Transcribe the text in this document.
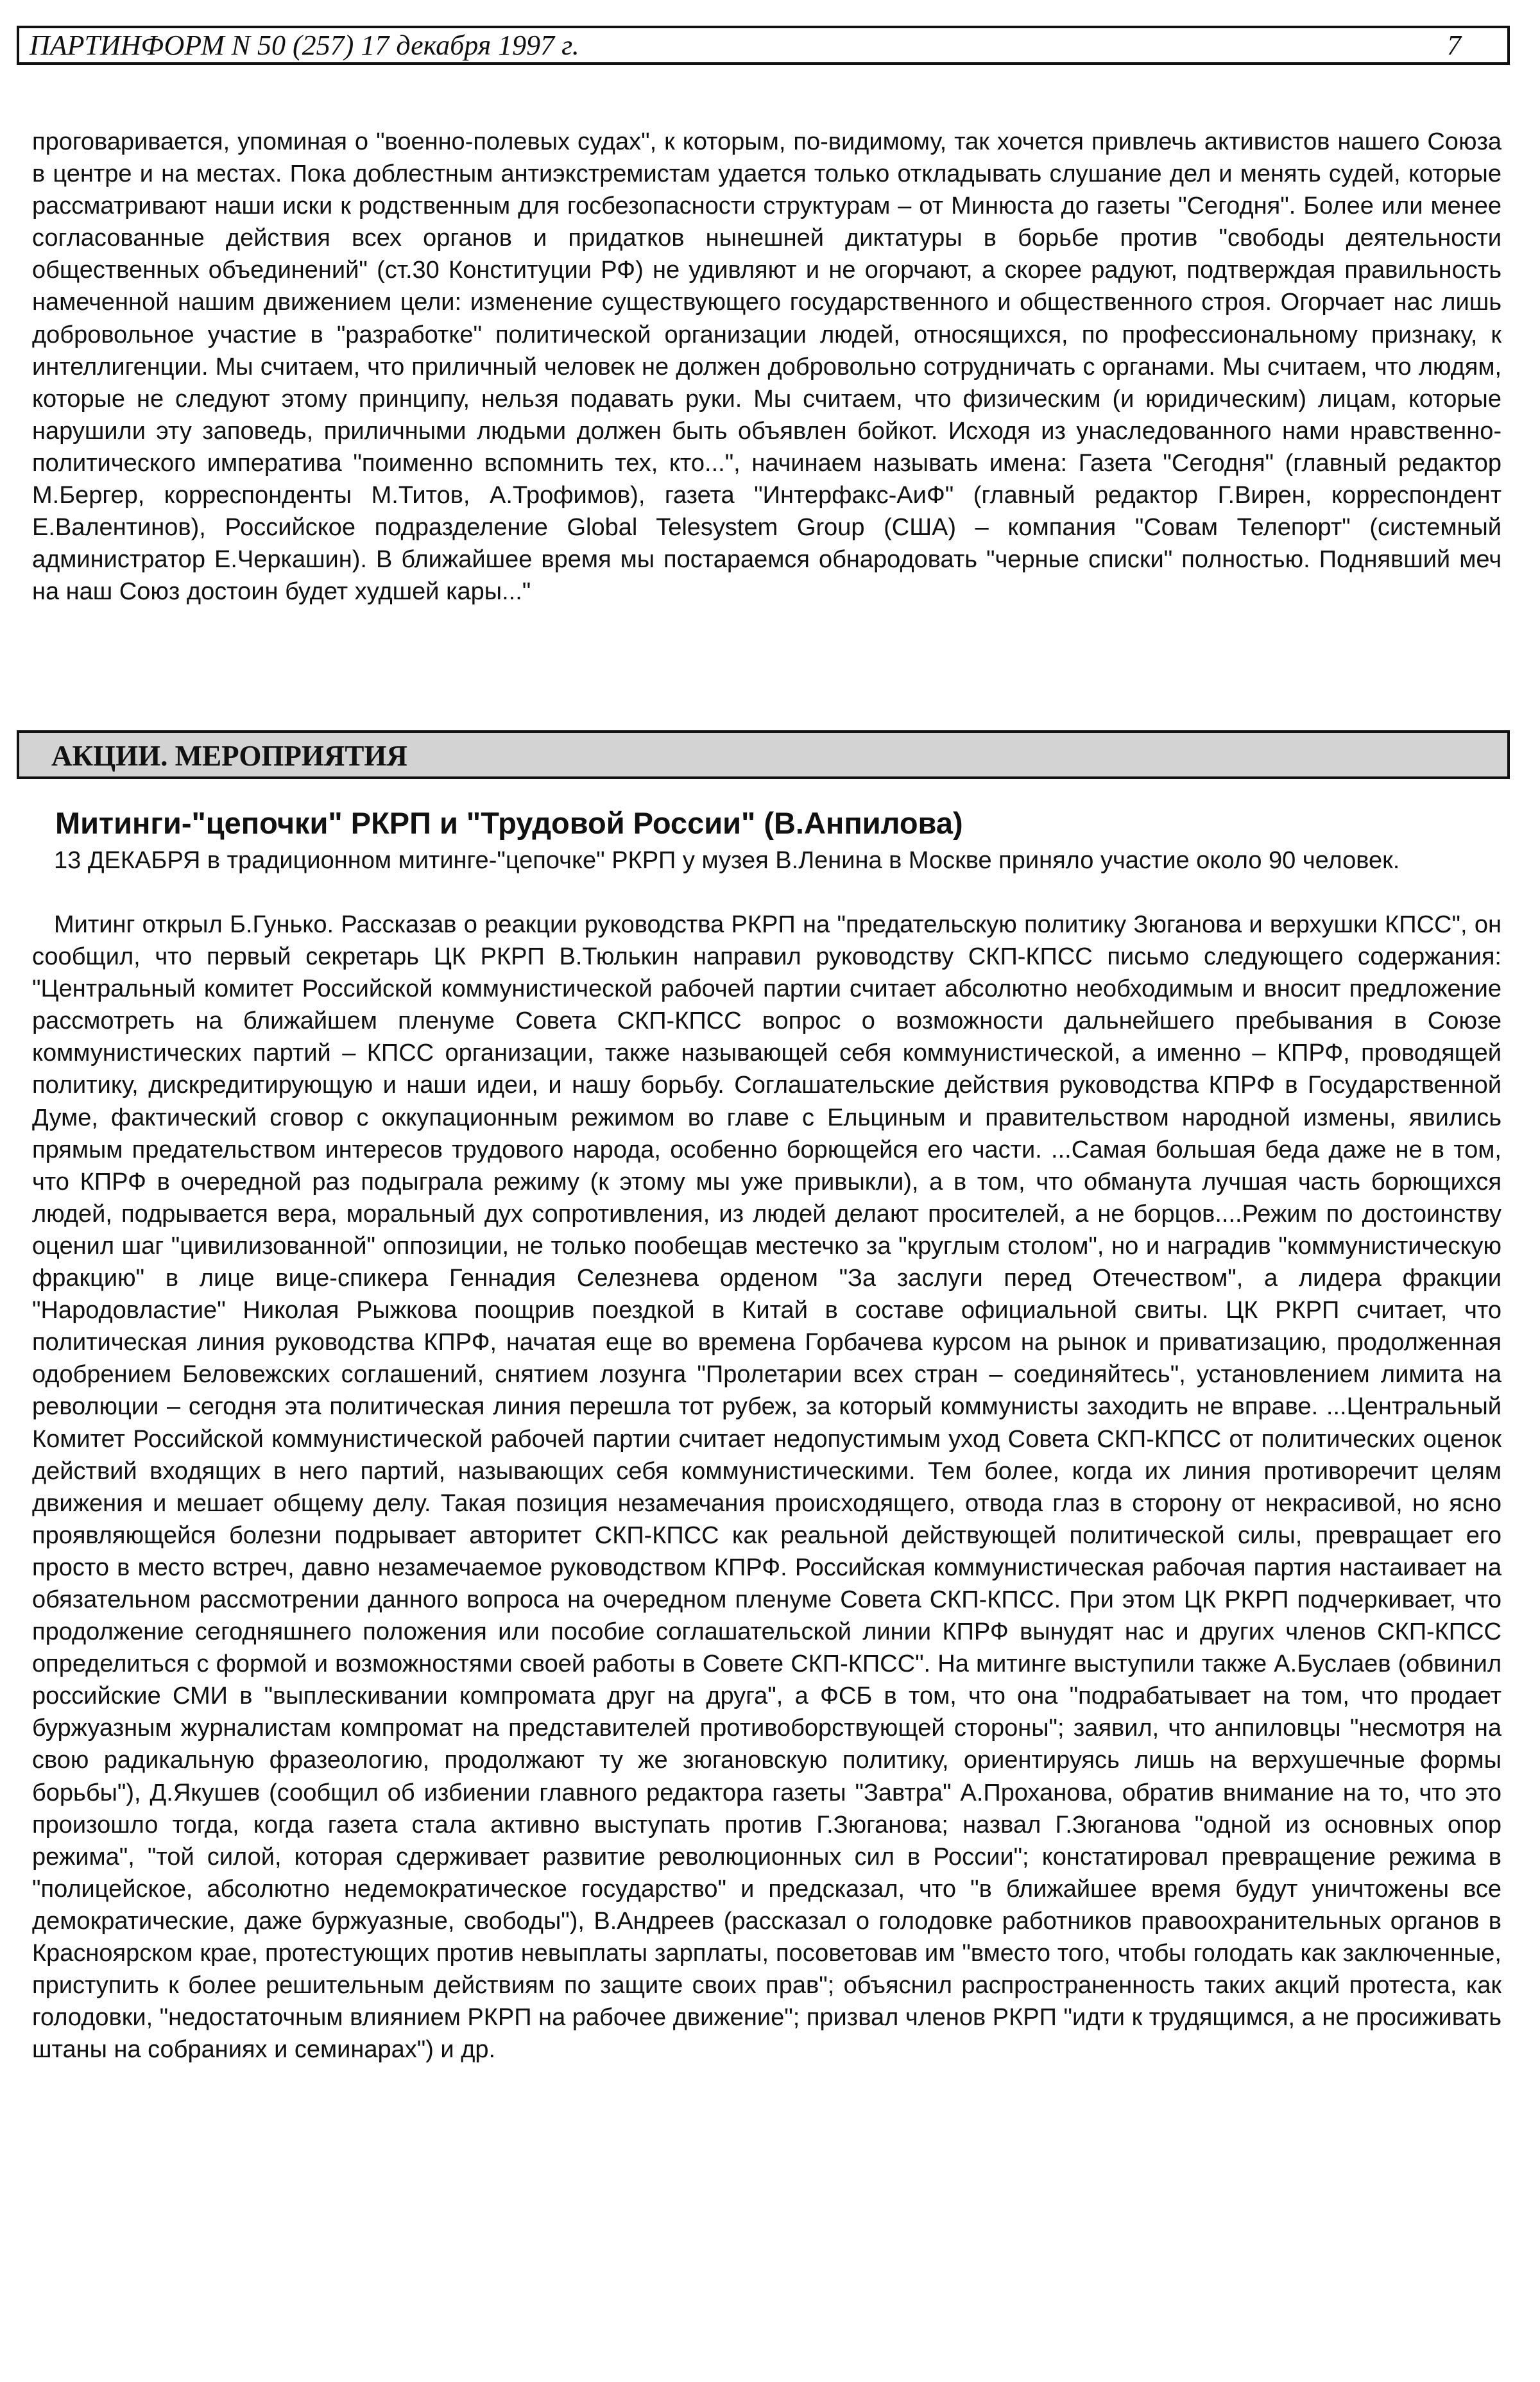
ПАРТИНФОРМ N 50 (257) 17 декабря 1997 г.	7

проговаривается, упоминая о "военно-полевых судах", к которым, по-видимому, так хочется привлечь активистов нашего Союза в центре и на местах. Пока доблестным антиэкстремистам удается только откладывать слушание дел и менять судей, которые рассматривают наши иски к родственным для госбезопасности структурам – от Минюста до газеты "Сегодня". Более или менее согласованные действия всех органов и придатков нынешней диктатуры в борьбе против "свободы деятельности общественных объединений" (ст.30 Конституции РФ) не удивляют и не огорчают, а скорее радуют, подтверждая правильность намеченной нашим движением цели: изменение существующего государственного и общественного строя. Огорчает нас лишь добровольное участие в "разработке" политической организации людей, относящихся, по профессиональному признаку, к интеллигенции. Мы считаем, что приличный человек не должен добровольно сотрудничать с органами. Мы считаем, что людям, которые не следуют этому принципу, нельзя подавать руки. Мы считаем, что физическим (и юридическим) лицам, которые нарушили эту заповедь, приличными людьми должен быть объявлен бойкот. Исходя из унаследованного нами нравственно-политического императива "поименно вспомнить тех, кто...", начинаем называть имена: Газета "Сегодня" (главный редактор М.Бергер, корреспонденты М.Титов, А.Трофимов), газета "Интерфакс-АиФ" (главный редактор Г.Вирен, корреспондент Е.Валентинов), Российское подразделение Global Telesystem Group (США) – компания "Совам Телепорт" (системный администратор Е.Черкашин). В ближайшее время мы постараемся обнародовать "черные списки" полностью. Поднявший меч на наш Союз достоин будет худшей кары..."

АКЦИИ. МЕРОПРИЯТИЯ
Митинги-"цепочки" РКРП и "Трудовой России" (В.Анпилова)

13 ДЕКАБРЯ в традиционном митинге-"цепочке" РКРП у музея В.Ленина в Москве приняло участие около 90 человек.

Митинг открыл Б.Гунько. Рассказав о реакции руководства РКРП на "предательскую политику Зюганова и верхушки КПСС", он сообщил, что первый секретарь ЦК РКРП В.Тюлькин направил руководству СКП-КПСС письмо следующего содержания: "Центральный комитет Российской коммунистической рабочей партии считает абсолютно необходимым и вносит предложение рассмотреть на ближайшем пленуме Совета СКП-КПСС вопрос о возможности дальнейшего пребывания в Союзе коммунистических партий – КПСС организации, также называющей себя коммунистической, а именно – КПРФ, проводящей политику, дискредитирующую и наши идеи, и нашу борьбу. Соглашательские действия руководства КПРФ в Государственной Думе, фактический сговор с оккупационным режимом во главе с Ельциным и правительством народной измены, явились прямым предательством интересов трудового народа, особенно борющейся его части. ...Самая большая беда даже не в том, что КПРФ в очередной раз подыграла режиму (к этому мы уже привыкли), а в том, что обманута лучшая часть борющихся людей, подрывается вера, моральный дух сопротивления, из людей делают просителей, а не борцов....Режим по достоинству оценил шаг "цивилизованной" оппозиции, не только пообещав местечко за "круглым столом", но и наградив "коммунистическую фракцию" в лице вице-спикера Геннадия Селезнева орденом "За заслуги перед Отечеством", а лидера фракции "Народовластие" Николая Рыжкова поощрив поездкой в Китай в составе официальной свиты. ЦК РКРП считает, что политическая линия руководства КПРФ, начатая еще во времена Горбачева курсом на рынок и приватизацию, продолженная одобрением Беловежских соглашений, снятием лозунга "Пролетарии всех стран – соединяйтесь", установлением лимита на революции – сегодня эта политическая линия перешла тот рубеж, за который коммунисты заходить не вправе. ...Центральный Комитет Российской коммунистической рабочей партии считает недопустимым уход Совета СКП-КПСС от политических оценок действий входящих в него партий, называющих себя коммунистическими. Тем более, когда их линия противоречит целям движения и мешает общему делу. Такая позиция незамечания происходящего, отвода глаз в сторону от некрасивой, но ясно проявляющейся болезни подрывает авторитет СКП-КПСС как реальной действующей политической силы, превращает его просто в место встреч, давно незамечаемое руководством КПРФ. Российская коммунистическая рабочая партия настаивает на обязательном рассмотрении данного вопроса на очередном пленуме Совета СКП-КПСС. При этом ЦК РКРП подчеркивает, что продолжение сегодняшнего положения или пособие соглашательской линии КПРФ вынудят нас и других членов СКП-КПСС определиться с формой и возможностями своей работы в Совете СКП-КПСС". На митинге выступили также А.Буслаев (обвинил российские СМИ в "выплескивании компромата друг на друга", а ФСБ в том, что она "подрабатывает на том, что продает буржуазным журналистам компромат на представителей противоборствующей стороны"; заявил, что анпиловцы "несмотря на свою радикальную фразеологию, продолжают ту же зюгановскую политику, ориентируясь лишь на верхушечные формы борьбы"), Д.Якушев (сообщил об избиении главного редактора газеты "Завтра" А.Проханова, обратив внимание на то, что это произошло тогда, когда газета стала активно выступать против Г.Зюганова; назвал Г.Зюганова "одной из основных опор режима", "той силой, которая сдерживает развитие революционных сил в России"; констатировал превращение режима в "полицейское, абсолютно недемократическое государство" и предсказал, что "в ближайшее время будут уничтожены все демократические, даже буржуазные, свободы"), В.Андреев (рассказал о голодовке работников правоохранительных органов в Красноярском крае, протестующих против невыплаты зарплаты, посоветовав им "вместо того, чтобы голодать как заключенные, приступить к более решительным действиям по защите своих прав"; объяснил распространенность таких акций протеста, как голодовки, "недостаточным влиянием РКРП на рабочее движение"; призвал членов РКРП "идти к трудящимся, а не просиживать штаны на собраниях и семинарах") и др.
